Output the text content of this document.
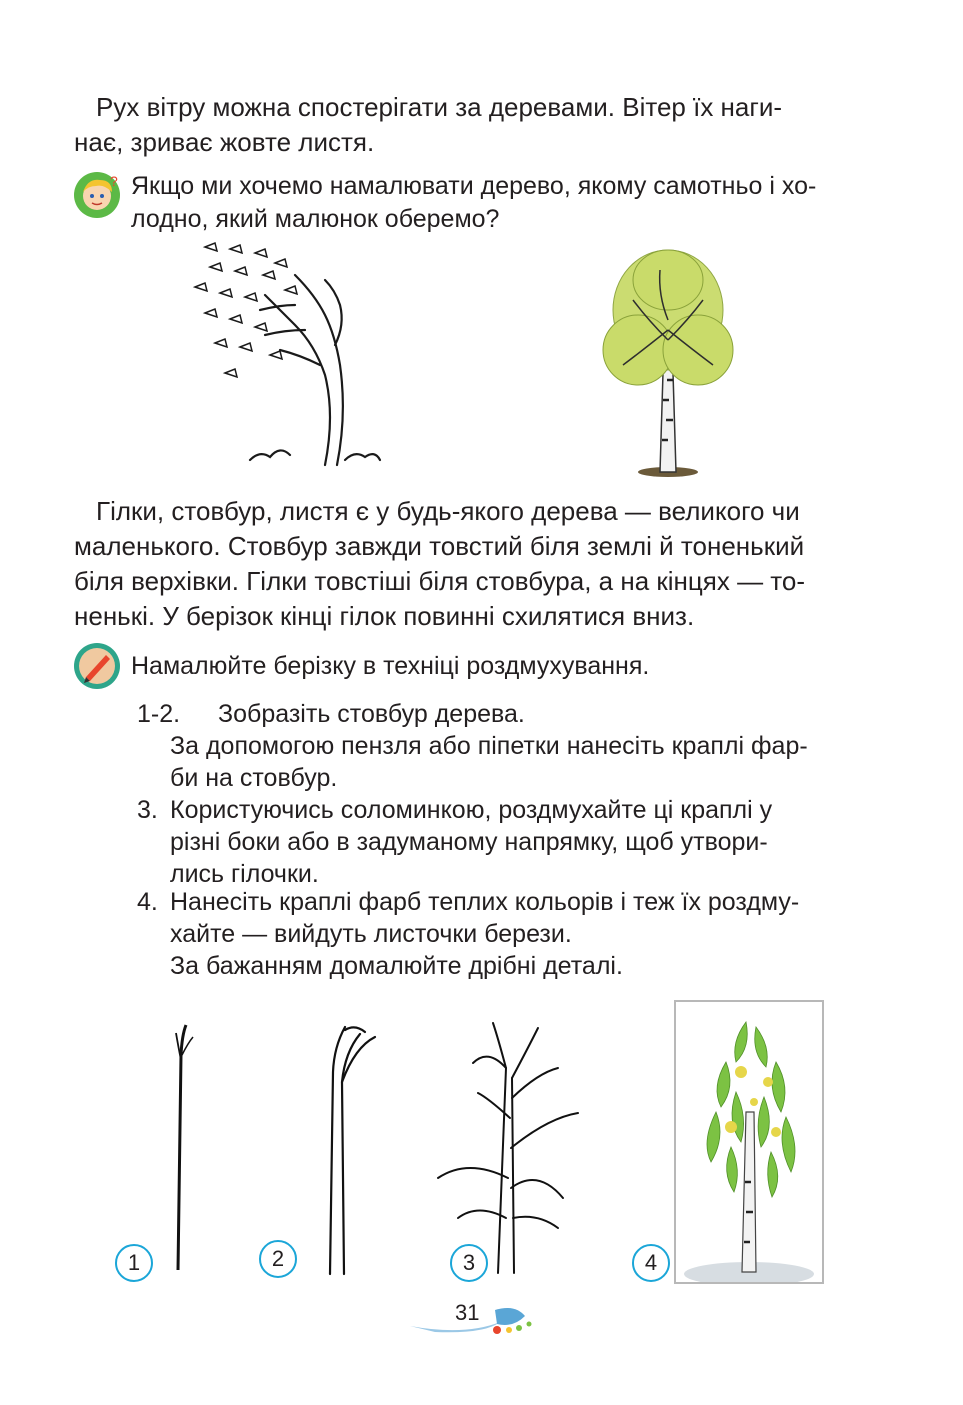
Рух вітру можна спостерігати за деревами. Вітер їх наги-
нає, зриває жовте листя.
? Якщо ми хочемо намалювати дерево, якому самотньо і хо-
лодно, який малюнок оберемо?
Гілки, стовбур, листя є у будь-якого дерева — великого чи
маленького. Стовбур завжди товстий біля землі й тоненький
біля верхівки. Гілки товстіші біля стовбура, а на кінцях — то-
ненькі. У берізок кінці гілок повинні схилятися вниз.
Намалюйте берізку в техніці роздмухування.
1-2. Зобразіть стовбур дерева.
За допомогою пензля або піпетки нанесіть краплі фар-
би на стовбур.
3. Користуючись соломинкою, роздмухайте ці краплі у
різні боки або в задуманому напрямку, щоб утвори-
лись гілочки.
4. Нанесіть краплі фарб теплих кольорів і теж їх роздму-
хайте — вийдуть листочки берези.
За бажанням домалюйте дрібні деталі.
1	2	3	4
31
